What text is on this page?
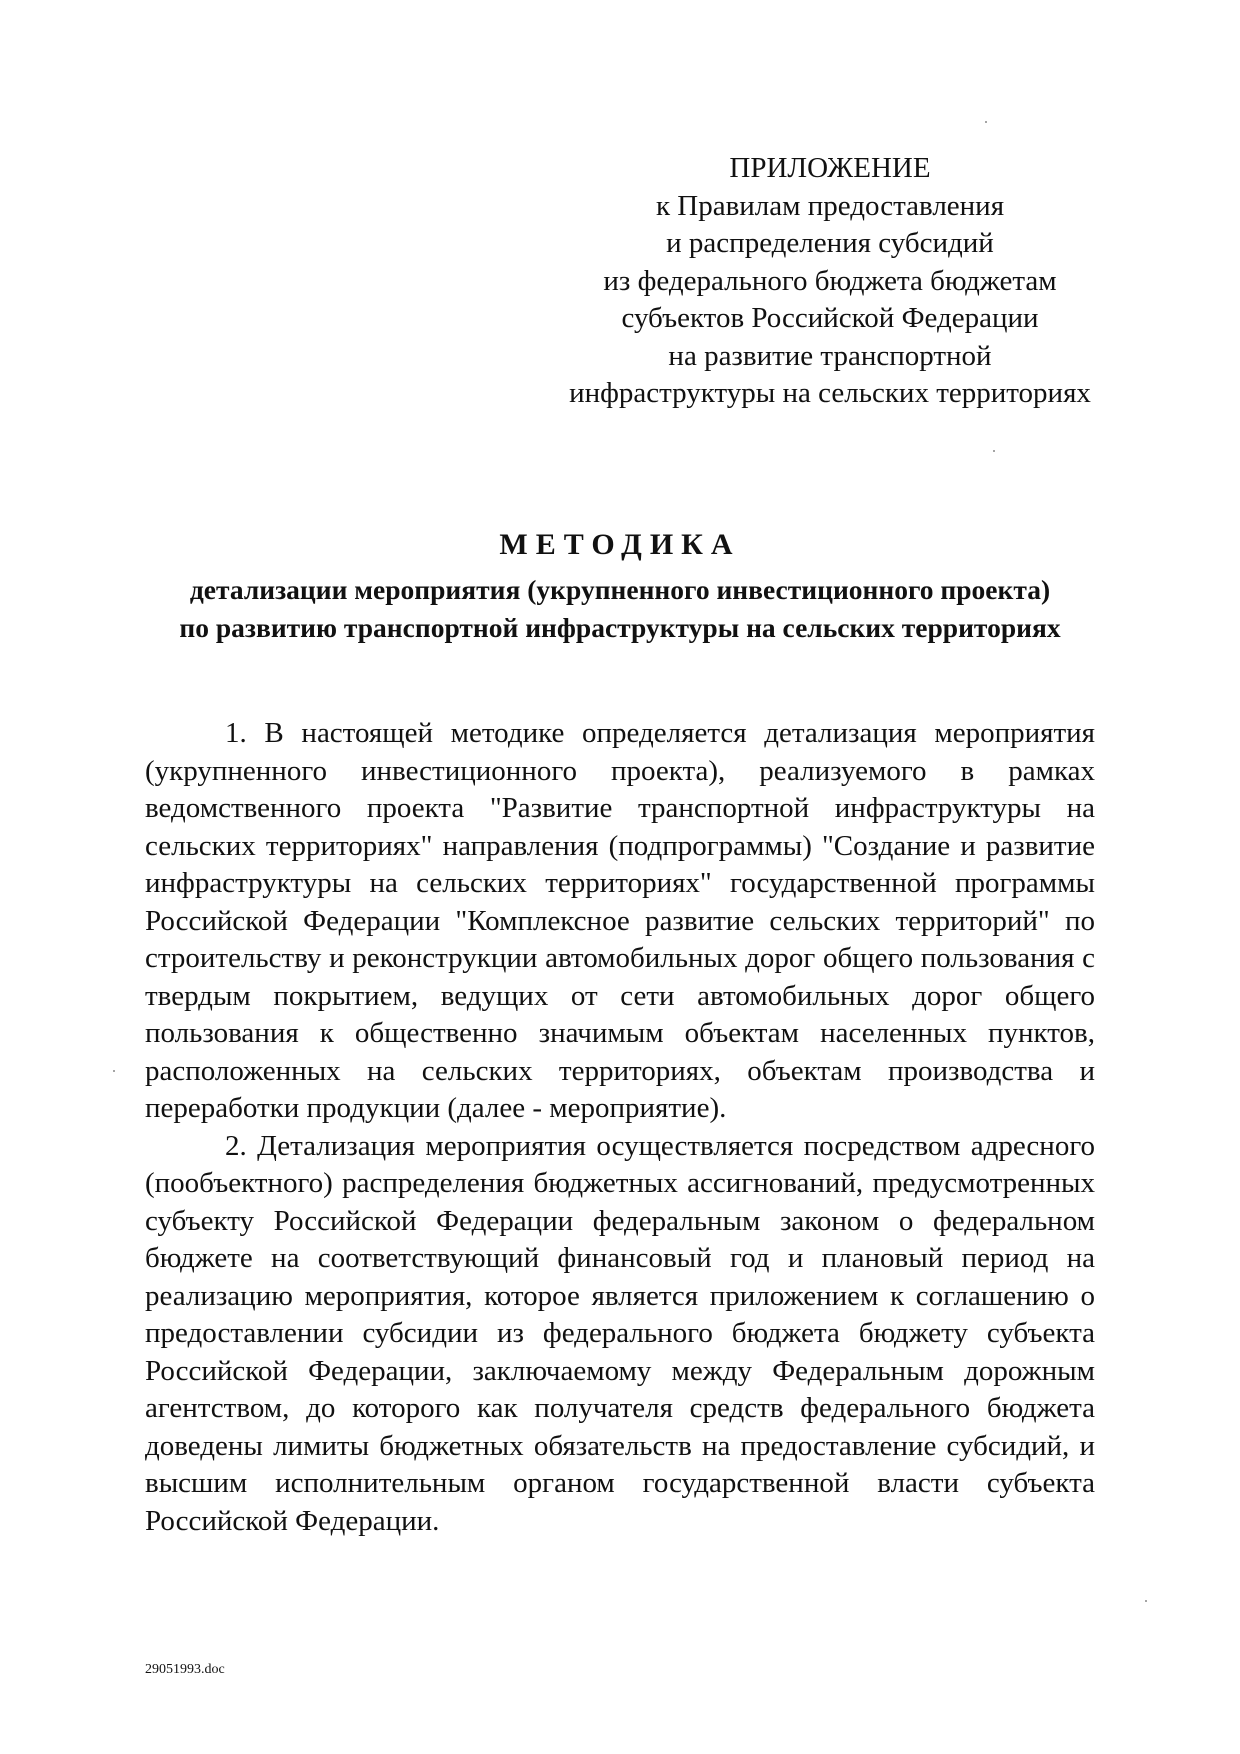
ПРИЛОЖЕНИЕ
к Правилам предоставления
и распределения субсидий
из федерального бюджета бюджетам
субъектов Российской Федерации
на развитие транспортной
инфраструктуры на сельских территориях
МЕТОДИКА
детализации мероприятия (укрупненного инвестиционного проекта)
по развитию транспортной инфраструктуры на сельских территориях

1. В настоящей методике определяется детализация мероприятия (укрупненного инвестиционного проекта), реализуемого в рамках ведомственного проекта "Развитие транспортной инфраструктуры на сельских территориях" направления (подпрограммы) "Создание и развитие инфраструктуры на сельских территориях" государственной программы Российской Федерации "Комплексное развитие сельских территорий" по строительству и реконструкции автомобильных дорог общего пользования с твердым покрытием, ведущих от сети автомобильных дорог общего пользования к общественно значимым объектам населенных пунктов, расположенных на сельских территориях, объектам производства и переработки продукции (далее - мероприятие).

2. Детализация мероприятия осуществляется посредством адресного (пообъектного) распределения бюджетных ассигнований, предусмотренных субъекту Российской Федерации федеральным законом о федеральном бюджете на соответствующий финансовый год и плановый период на реализацию мероприятия, которое является приложением к соглашению о предоставлении субсидии из федерального бюджета бюджету субъекта Российской Федерации, заключаемому между Федеральным дорожным агентством, до которого как получателя средств федерального бюджета доведены лимиты бюджетных обязательств на предоставление субсидий, и высшим исполнительным органом государственной власти субъекта Российской Федерации.

29051993.doc
